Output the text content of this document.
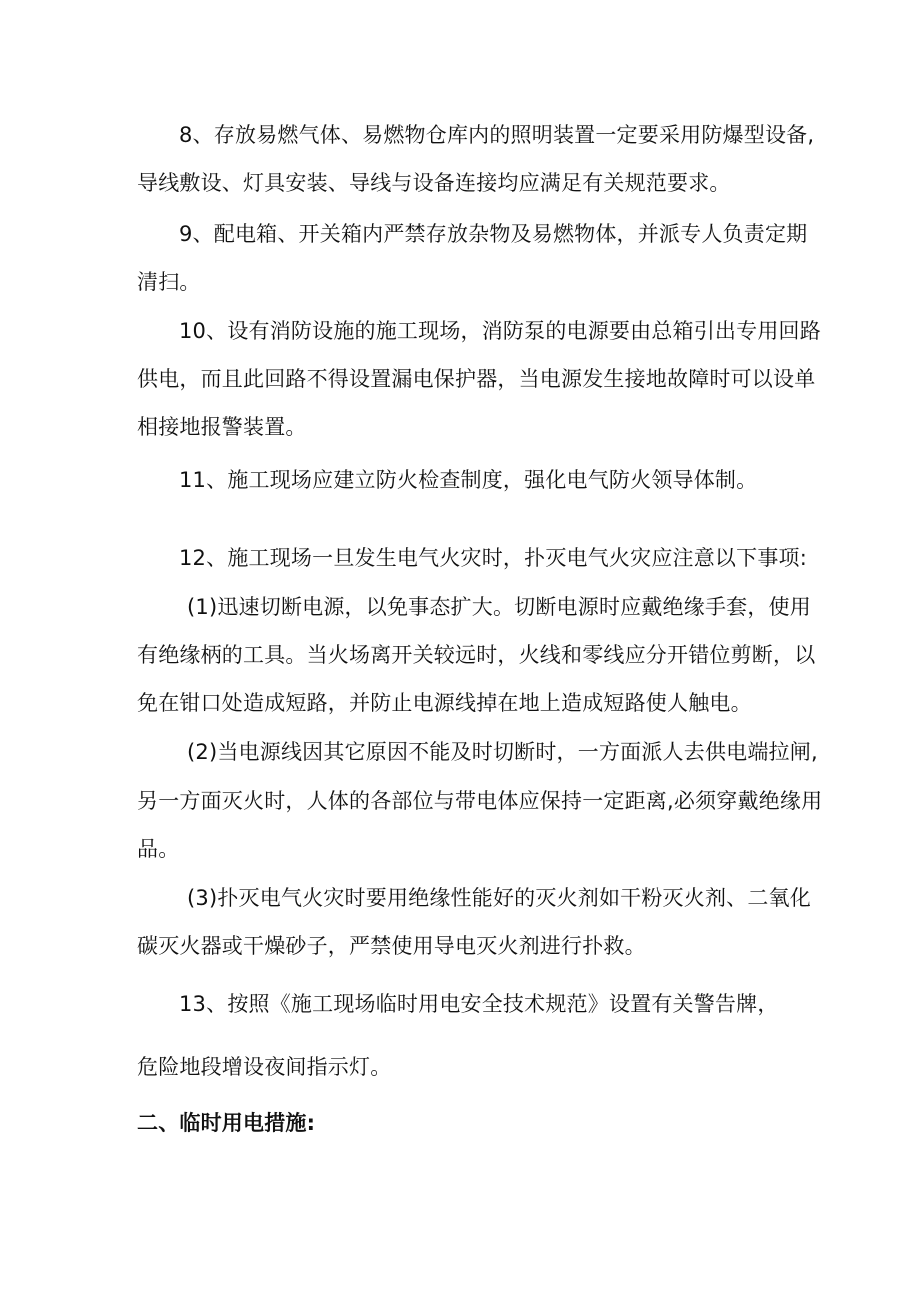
8、存放易燃气体、易燃物仓库内的照明装置一定要采用防爆型设备,
导线敷设、灯具安装、导线与设备连接均应满足有关规范要求。
9、配电箱、开关箱内严禁存放杂物及易燃物体，并派专人负责定期
清扫。
10、设有消防设施的施工现场，消防泵的电源要由总箱引出专用回路
供电，而且此回路不得设置漏电保护器，当电源发生接地故障时可以设单
相接地报警装置。
11、施工现场应建立防火检查制度，强化电气防火领导体制。
12、施工现场一旦发生电气火灾时，扑灭电气火灾应注意以下事项:
(1)迅速切断电源，以免事态扩大。切断电源时应戴绝缘手套，使用
有绝缘柄的工具。当火场离开关较远时，火线和零线应分开错位剪断，以
免在钳口处造成短路，并防止电源线掉在地上造成短路使人触电。
(2)当电源线因其它原因不能及时切断时，一方面派人去供电端拉闸,
另一方面灭火时，人体的各部位与带电体应保持一定距离,必须穿戴绝缘用
品。
(3)扑灭电气火灾时要用绝缘性能好的灭火剂如干粉灭火剂、二氧化
碳灭火器或干燥砂子，严禁使用导电灭火剂进行扑救。
13、按照《施工现场临时用电安全技术规范》设置有关警告牌，
危险地段增设夜间指示灯。
二、临时用电措施:
